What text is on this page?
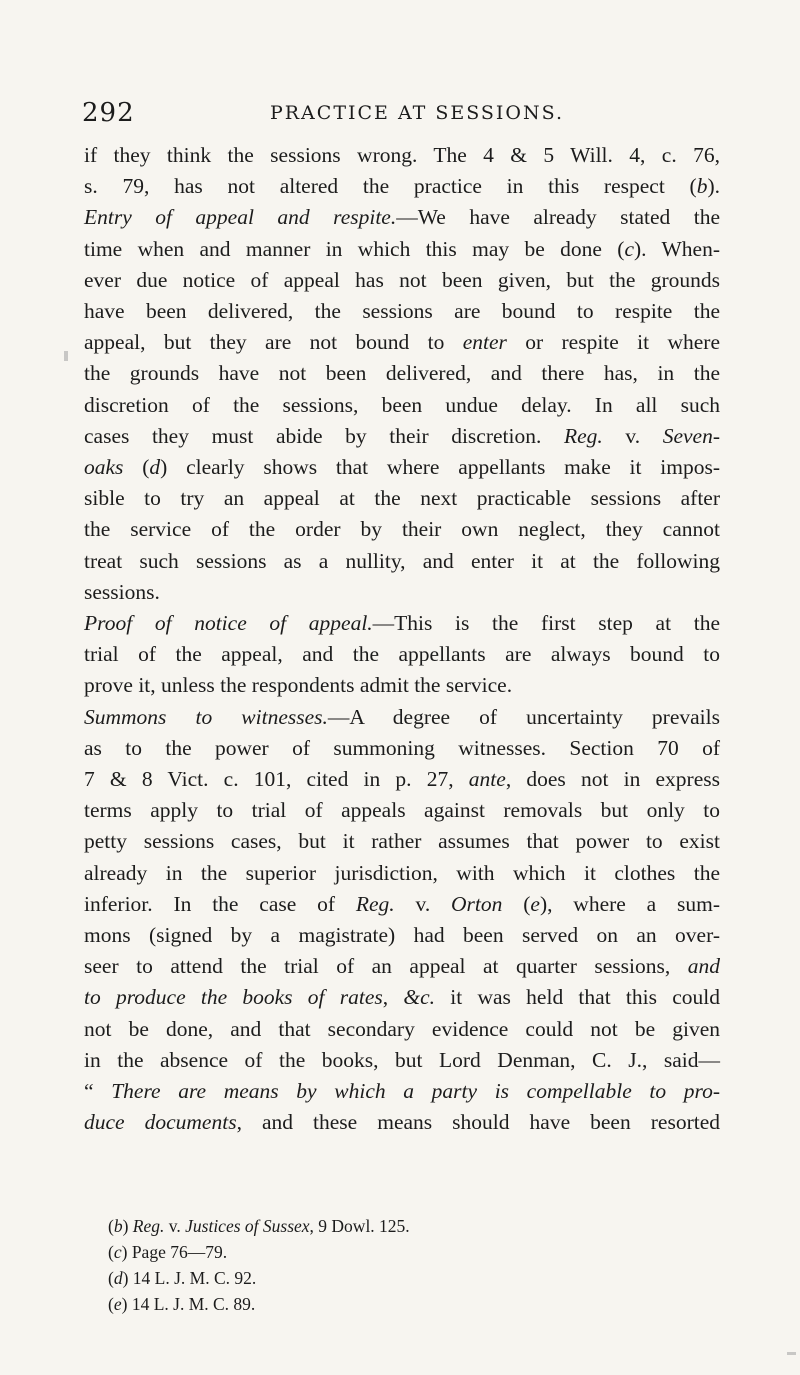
292	PRACTICE AT SESSIONS.
if they think the sessions wrong. The 4 & 5 Will. 4, c. 76,
s. 79, has not altered the practice in this respect (b).
Entry of appeal and respite.—We have already stated the
time when and manner in which this may be done (c). When-
ever due notice of appeal has not been given, but the grounds
have been delivered, the sessions are bound to respite the
appeal, but they are not bound to enter or respite it where
the grounds have not been delivered, and there has, in the
discretion of the sessions, been undue delay. In all such
cases they must abide by their discretion. Reg. v. Seven-
oaks (d) clearly shows that where appellants make it impos-
sible to try an appeal at the next practicable sessions after
the service of the order by their own neglect, they cannot
treat such sessions as a nullity, and enter it at the following
sessions.
Proof of notice of appeal.—This is the first step at the
trial of the appeal, and the appellants are always bound to
prove it, unless the respondents admit the service.
Summons to witnesses.—A degree of uncertainty prevails
as to the power of summoning witnesses. Section 70 of
7 & 8 Vict. c. 101, cited in p. 27, ante, does not in express
terms apply to trial of appeals against removals but only to
petty sessions cases, but it rather assumes that power to exist
already in the superior jurisdiction, with which it clothes the
inferior. In the case of Reg. v. Orton (e), where a sum-
mons (signed by a magistrate) had been served on an over-
seer to attend the trial of an appeal at quarter sessions, and
to produce the books of rates, &c. it was held that this could
not be done, and that secondary evidence could not be given
in the absence of the books, but Lord Denman, C. J., said—
“ There are means by which a party is compellable to pro-
duce documents, and these means should have been resorted
(b) Reg. v. Justices of Sussex, 9 Dowl. 125.
(c) Page 76—79.
(d) 14 L. J. M. C. 92.
(e) 14 L. J. M. C. 89.
